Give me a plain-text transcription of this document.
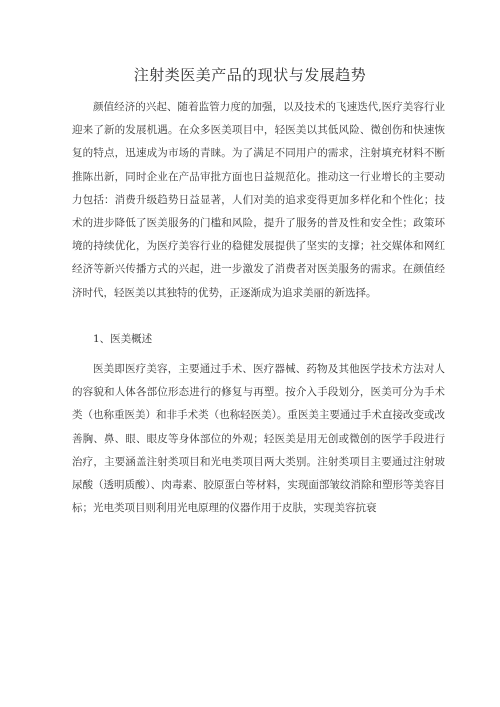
注射类医美产品的现状与发展趋势

颜值经济的兴起、随着监管力度的加强，以及技术的飞速迭代,医疗美容行业迎来了新的发展机遇。在众多医美项目中，轻医美以其低风险、微创伤和快速恢复的特点，迅速成为市场的青睐。为了满足不同用户的需求，注射填充材料不断推陈出新，同时企业在产品审批方面也日益规范化。推动这一行业增长的主要动力包括：消费升级趋势日益显著，人们对美的追求变得更加多样化和个性化；技术的进步降低了医美服务的门槛和风险，提升了服务的普及性和安全性；政策环境的持续优化，为医疗美容行业的稳健发展提供了坚实的支撑；社交媒体和网红经济等新兴传播方式的兴起，进一步激发了消费者对医美服务的需求。在颜值经济时代，轻医美以其独特的优势，正逐渐成为追求美丽的新选择。

1、医美概述

医美即医疗美容，主要通过手术、医疗器械、药物及其他医学技术方法对人的容貌和人体各部位形态进行的修复与再塑。按介入手段划分，医美可分为手术类（也称重医美）和非手术类（也称轻医美）。重医美主要通过手术直接改变或改善胸、鼻、眼、眼皮等身体部位的外观；轻医美是用无创或微创的医学手段进行治疗，主要涵盖注射类项目和光电类项目两大类别。注射类项目主要通过注射玻尿酸（透明质酸）、肉毒素、胶原蛋白等材料，实现面部皱纹消除和塑形等美容目标；光电类项目则利用光电原理的仪器作用于皮肤，实现美容抗衰
